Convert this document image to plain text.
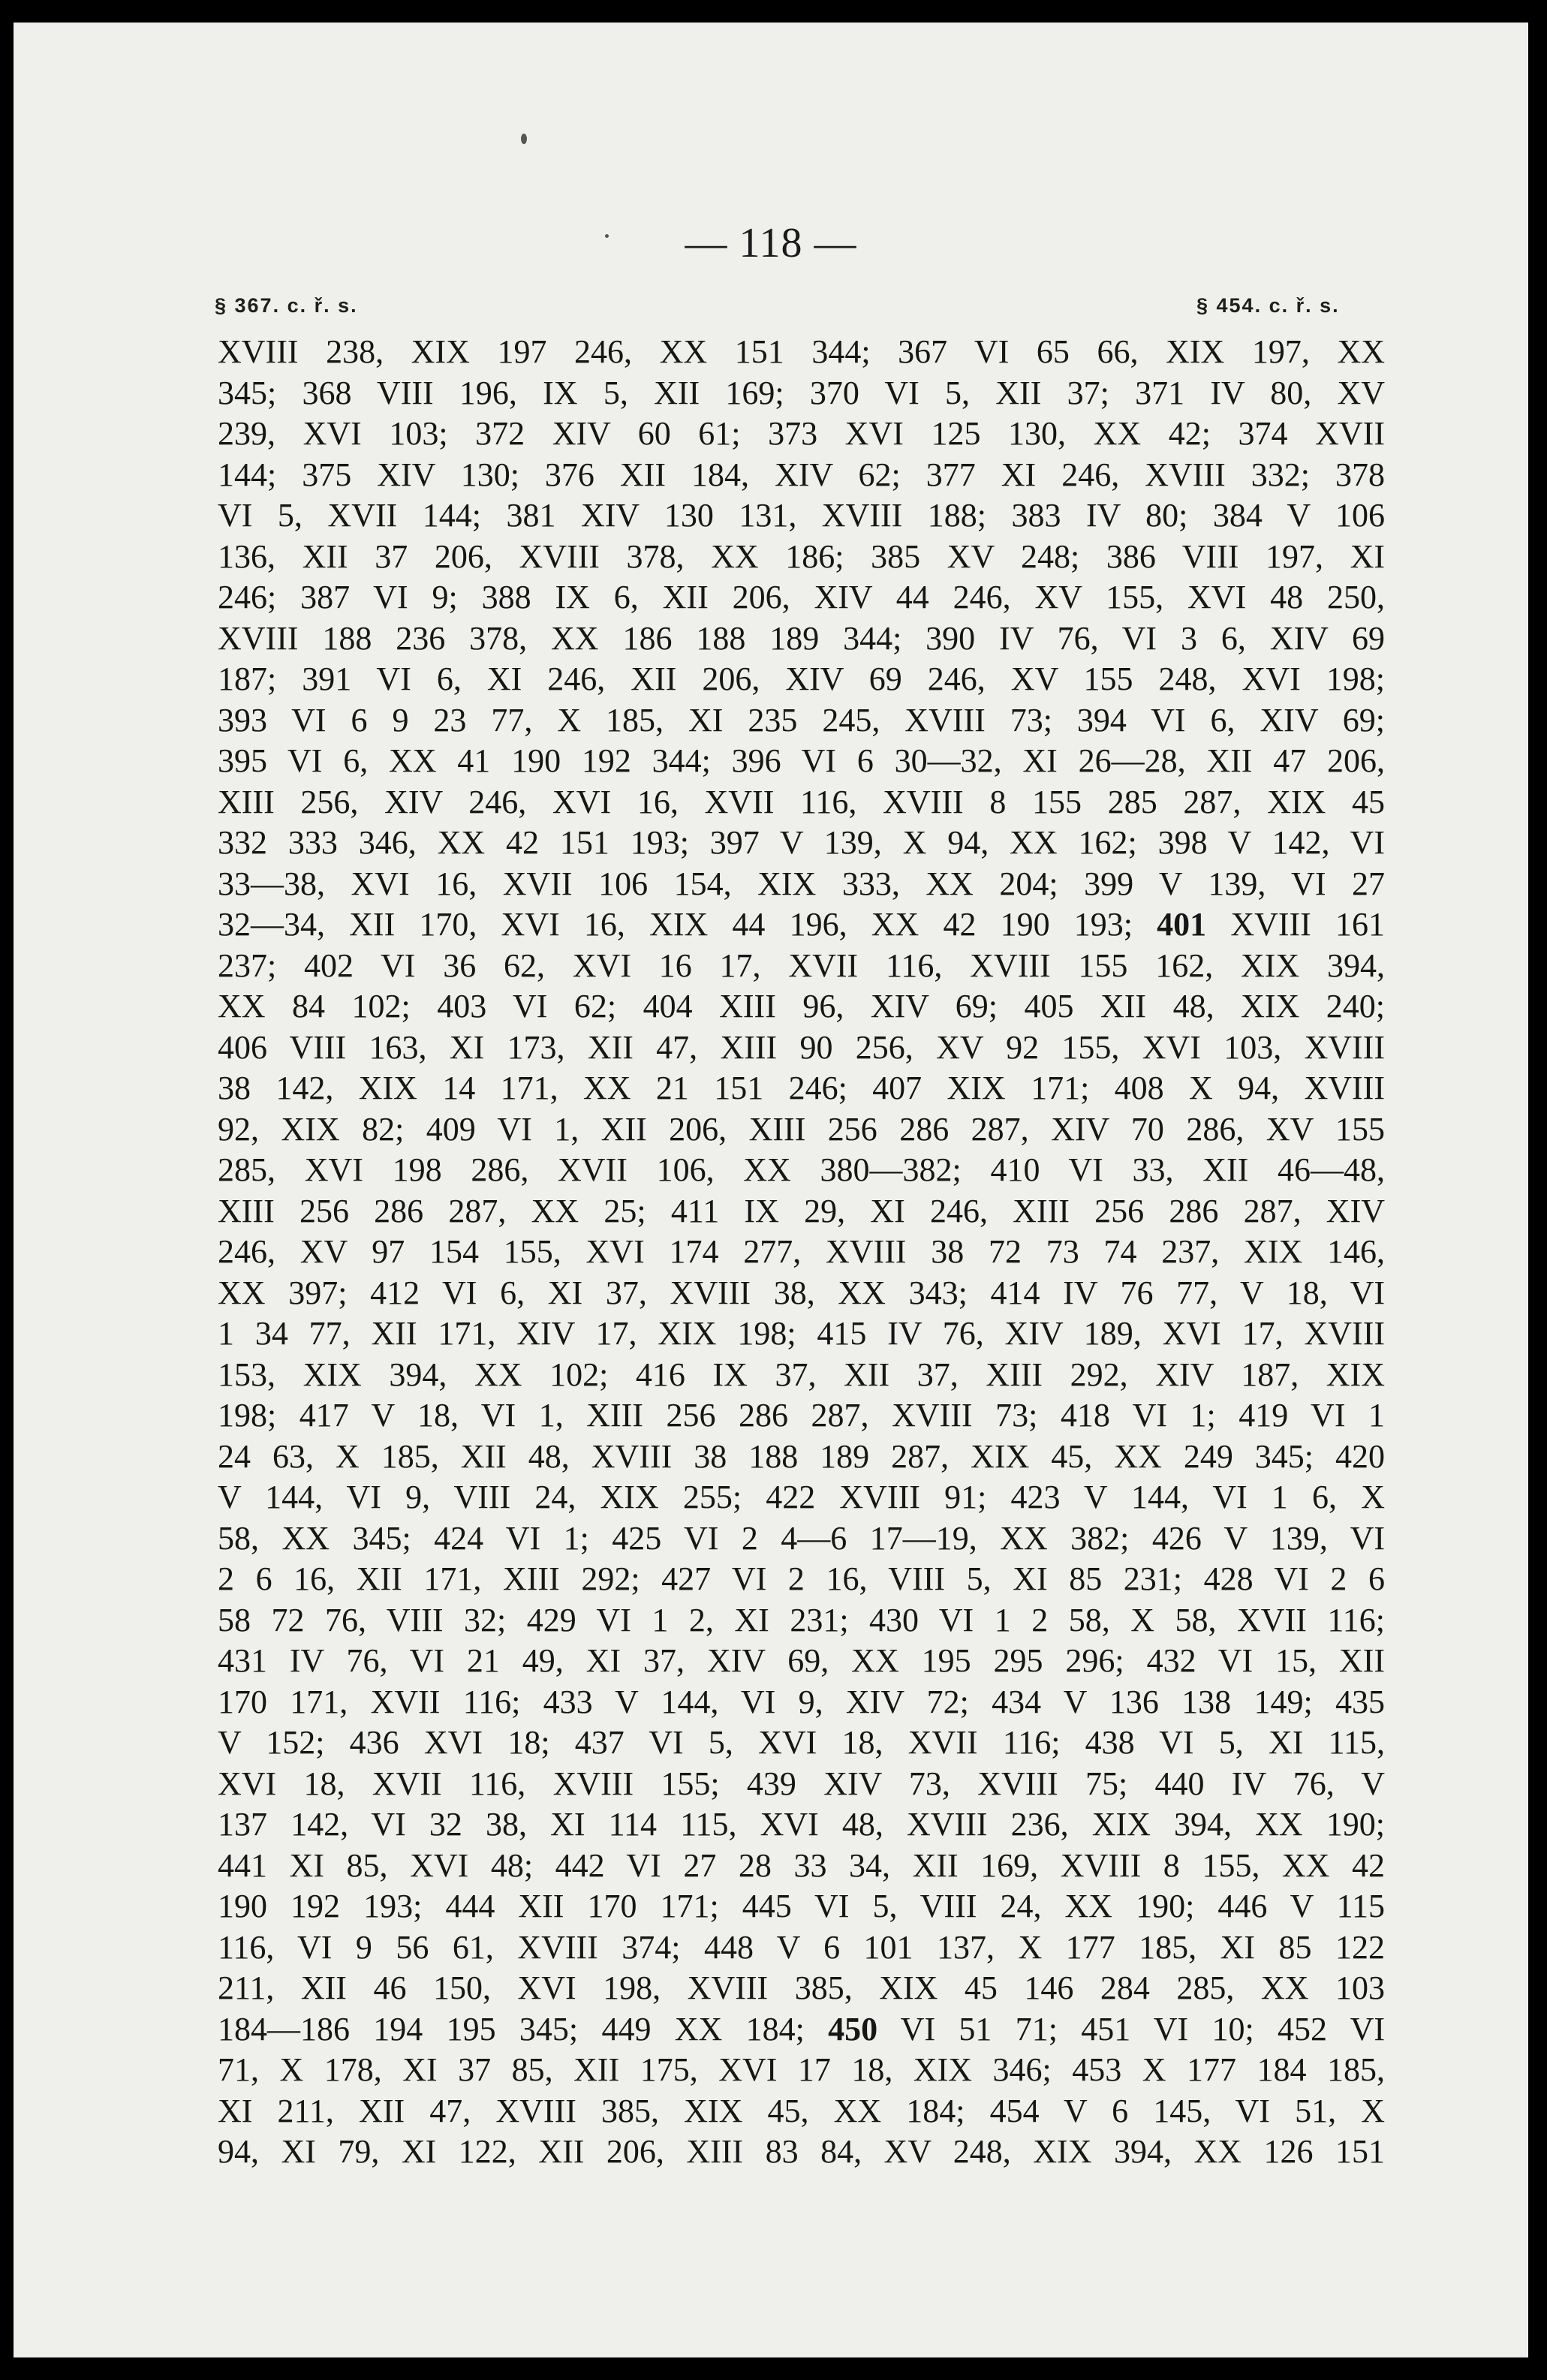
— 118 —
§ 367. c. ř. s.	§ 454. c. ř. s.
XVIII 238, XIX 197 246, XX 151 344; 367 VI 65 66, XIX 197, XX
345; 368 VIII 196, IX 5, XII 169; 370 VI 5, XII 37; 371 IV 80, XV
239, XVI 103; 372 XIV 60 61; 373 XVI 125 130, XX 42; 374 XVII
144; 375 XIV 130; 376 XII 184, XIV 62; 377 XI 246, XVIII 332; 378
VI 5, XVII 144; 381 XIV 130 131, XVIII 188; 383 IV 80; 384 V 106
136, XII 37 206, XVIII 378, XX 186; 385 XV 248; 386 VIII 197, XI
246; 387 VI 9; 388 IX 6, XII 206, XIV 44 246, XV 155, XVI 48 250,
XVIII 188 236 378, XX 186 188 189 344; 390 IV 76, VI 3 6, XIV 69
187; 391 VI 6, XI 246, XII 206, XIV 69 246, XV 155 248, XVI 198;
393 VI 6 9 23 77, X 185, XI 235 245, XVIII 73; 394 VI 6, XIV 69;
395 VI 6, XX 41 190 192 344; 396 VI 6 30—32, XI 26—28, XII 47 206,
XIII 256, XIV 246, XVI 16, XVII 116, XVIII 8 155 285 287, XIX 45
332 333 346, XX 42 151 193; 397 V 139, X 94, XX 162; 398 V 142, VI
33—38, XVI 16, XVII 106 154, XIX 333, XX 204; 399 V 139, VI 27
32—34, XII 170, XVI 16, XIX 44 196, XX 42 190 193; 401 XVIII 161
237; 402 VI 36 62, XVI 16 17, XVII 116, XVIII 155 162, XIX 394,
XX 84 102; 403 VI 62; 404 XIII 96, XIV 69; 405 XII 48, XIX 240;
406 VIII 163, XI 173, XII 47, XIII 90 256, XV 92 155, XVI 103, XVIII
38 142, XIX 14 171, XX 21 151 246; 407 XIX 171; 408 X 94, XVIII
92, XIX 82; 409 VI 1, XII 206, XIII 256 286 287, XIV 70 286, XV 155
285, XVI 198 286, XVII 106, XX 380—382; 410 VI 33, XII 46—48,
XIII 256 286 287, XX 25; 411 IX 29, XI 246, XIII 256 286 287, XIV
246, XV 97 154 155, XVI 174 277, XVIII 38 72 73 74 237, XIX 146,
XX 397; 412 VI 6, XI 37, XVIII 38, XX 343; 414 IV 76 77, V 18, VI
1 34 77, XII 171, XIV 17, XIX 198; 415 IV 76, XIV 189, XVI 17, XVIII
153, XIX 394, XX 102; 416 IX 37, XII 37, XIII 292, XIV 187, XIX
198; 417 V 18, VI 1, XIII 256 286 287, XVIII 73; 418 VI 1; 419 VI 1
24 63, X 185, XII 48, XVIII 38 188 189 287, XIX 45, XX 249 345; 420
V 144, VI 9, VIII 24, XIX 255; 422 XVIII 91; 423 V 144, VI 1 6, X
58, XX 345; 424 VI 1; 425 VI 2 4—6 17—19, XX 382; 426 V 139, VI
2 6 16, XII 171, XIII 292; 427 VI 2 16, VIII 5, XI 85 231; 428 VI 2 6
58 72 76, VIII 32; 429 VI 1 2, XI 231; 430 VI 1 2 58, X 58, XVII 116;
431 IV 76, VI 21 49, XI 37, XIV 69, XX 195 295 296; 432 VI 15, XII
170 171, XVII 116; 433 V 144, VI 9, XIV 72; 434 V 136 138 149; 435
V 152; 436 XVI 18; 437 VI 5, XVI 18, XVII 116; 438 VI 5, XI 115,
XVI 18, XVII 116, XVIII 155; 439 XIV 73, XVIII 75; 440 IV 76, V
137 142, VI 32 38, XI 114 115, XVI 48, XVIII 236, XIX 394, XX 190;
441 XI 85, XVI 48; 442 VI 27 28 33 34, XII 169, XVIII 8 155, XX 42
190 192 193; 444 XII 170 171; 445 VI 5, VIII 24, XX 190; 446 V 115
116, VI 9 56 61, XVIII 374; 448 V 6 101 137, X 177 185, XI 85 122
211, XII 46 150, XVI 198, XVIII 385, XIX 45 146 284 285, XX 103
184—186 194 195 345; 449 XX 184; 450 VI 51 71; 451 VI 10; 452 VI
71, X 178, XI 37 85, XII 175, XVI 17 18, XIX 346; 453 X 177 184 185,
XI 211, XII 47, XVIII 385, XIX 45, XX 184; 454 V 6 145, VI 51, X
94, XI 79, XI 122, XII 206, XIII 83 84, XV 248, XIX 394, XX 126 151
